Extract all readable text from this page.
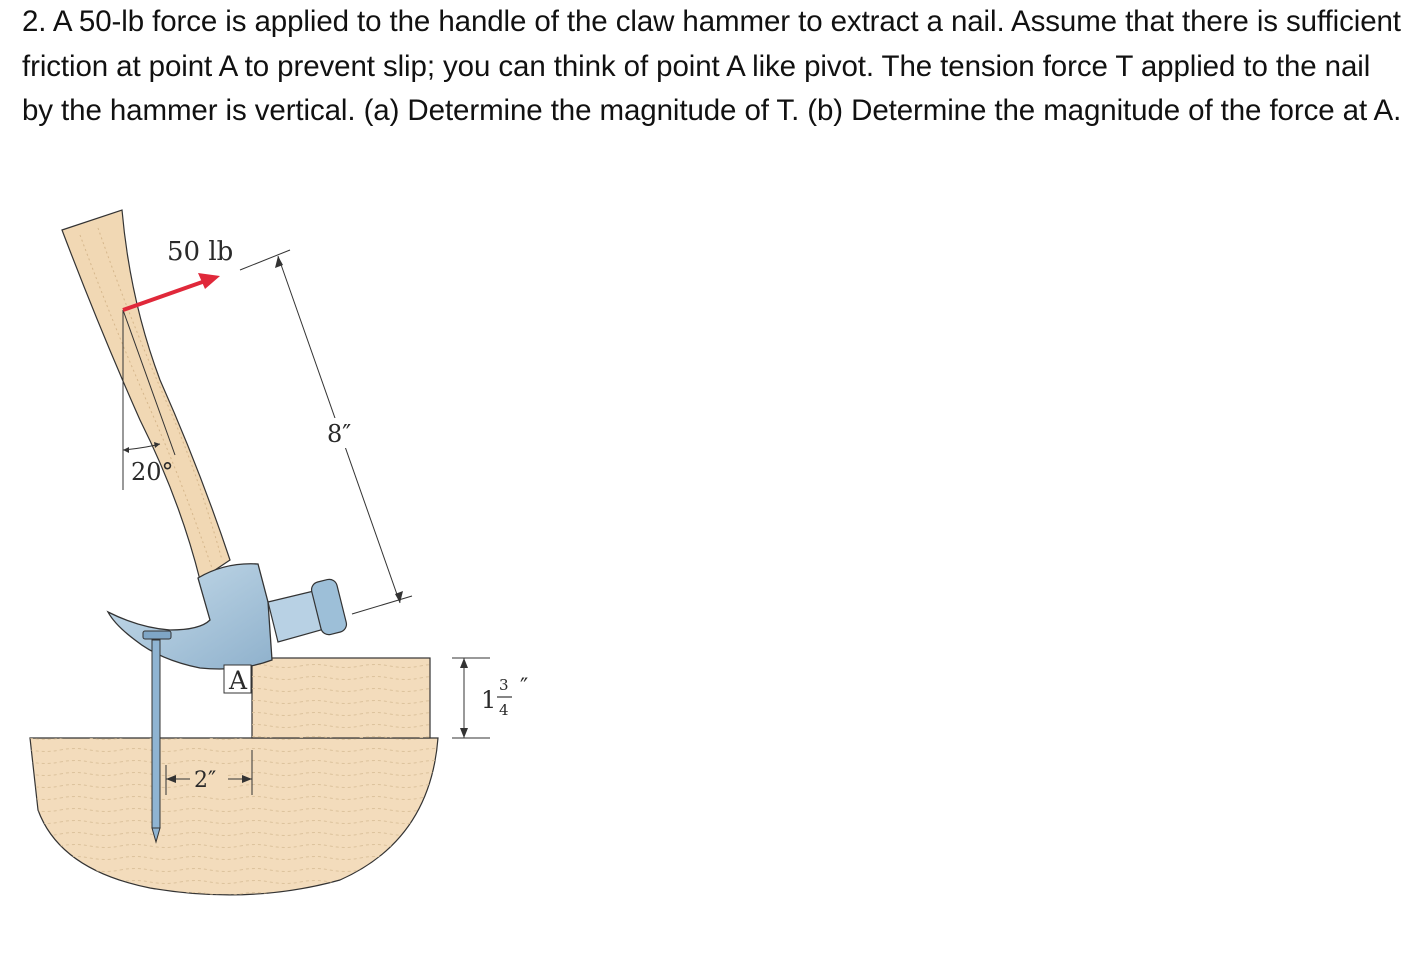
2. A 50-lb force is applied to the handle of the claw hammer to extract a nail. Assume that there is sufficient friction at point A to prevent slip; you can think of point A like pivot. The tension force T applied to the nail by the hammer is vertical. (a) Determine the magnitude of T. (b) Determine the magnitude of the force at A.

20°
50 lb
8″
A
2″
1
3
4
″
